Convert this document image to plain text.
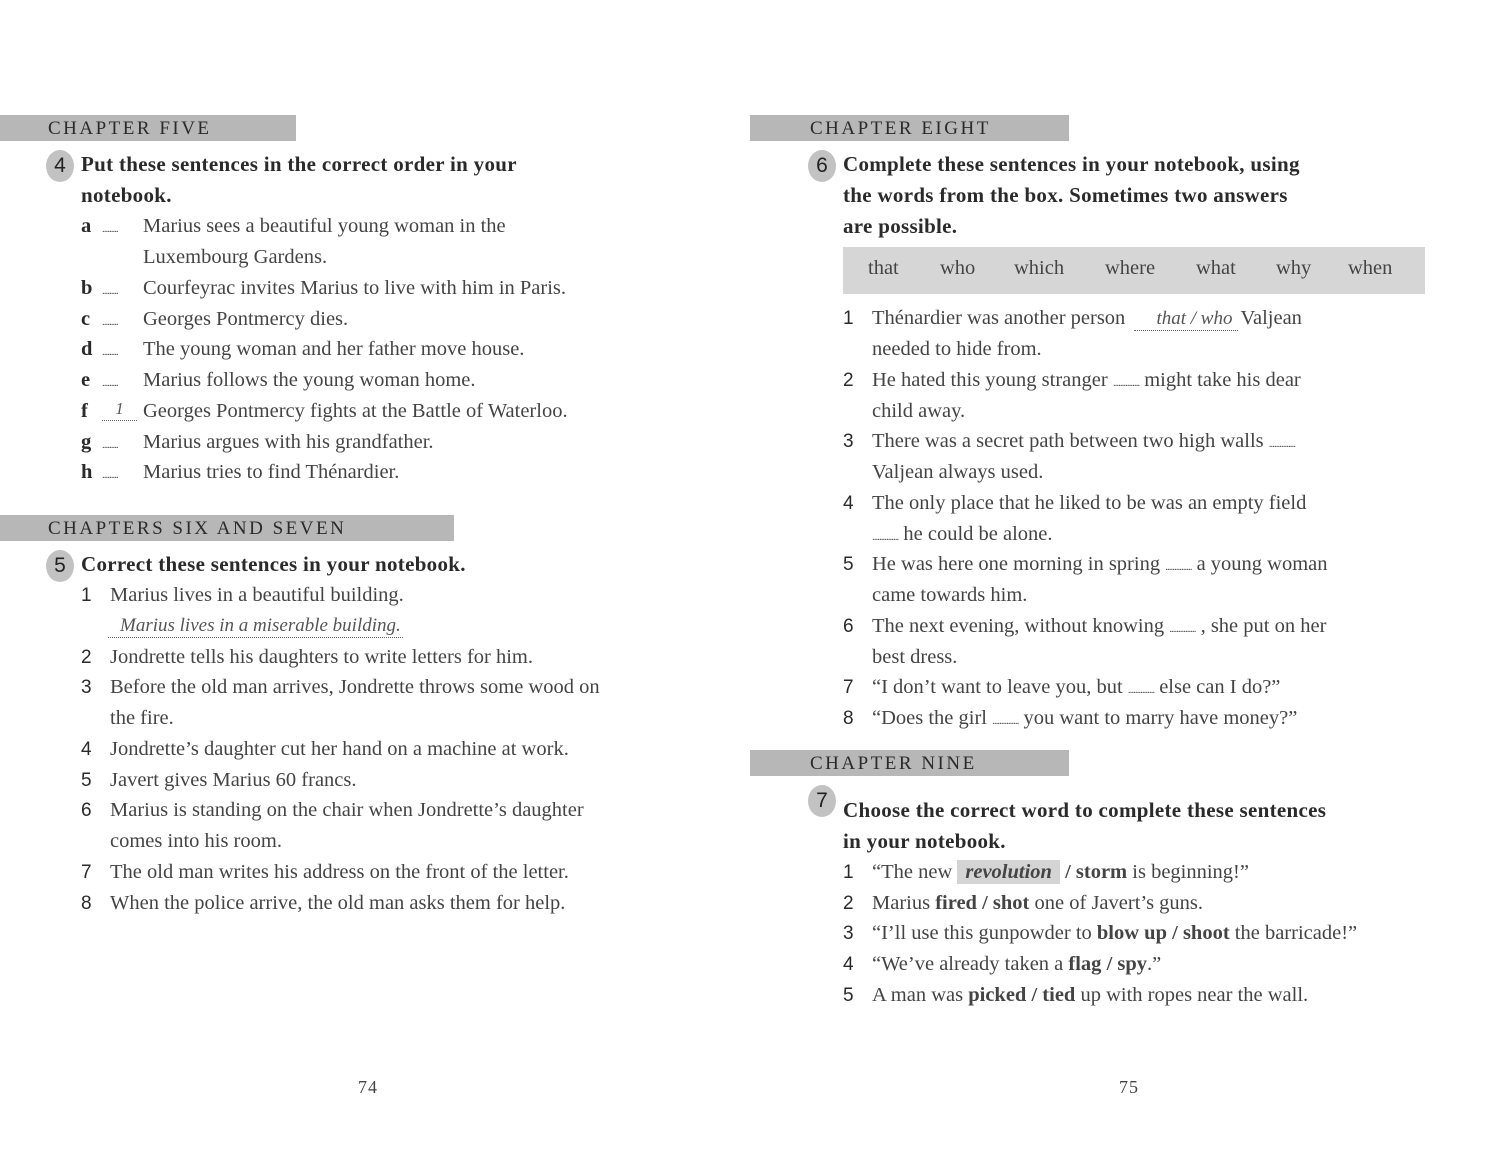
CHAPTER FIVE
4 Put these sentences in the correct order in your
notebook.
a ......... Marius sees a beautiful young woman in the
Luxembourg Gardens.
b ......... Courfeyrac invites Marius to live with him in Paris.
c ......... Georges Pontmercy dies.
d ......... The young woman and her father move house.
e ......... Marius follows the young woman home.
f	1 Georges Pontmercy fights at the Battle of Waterloo.
g ......... Marius argues with his grandfather.
h ......... Marius tries to find Thénardier.
CHAPTERS SIX AND SEVEN
5 Correct these sentences in your notebook.
1 Marius lives in a beautiful building.
Marius lives in a miserable building.
2 Jondrette tells his daughters to write letters for him.
3 Before the old man arrives, Jondrette throws some wood on
the fire.
4 Jondrette’s daughter cut her hand on a machine at work.
5 Javert gives Marius 60 francs.
6 Marius is standing on the chair when Jondrette’s daughter
comes into his room.
7 The old man writes his address on the front of the letter.
8 When the police arrive, the old man asks them for help.
74
CHAPTER EIGHT
6 Complete these sentences in your notebook, using
the words from the box. Sometimes two answers
are possible.
that who which where what why when
1 Thénardier was another person that / who Valjean
needed to hide from.
2 He hated this young stranger ............... might take his dear
child away.
3 There was a secret path between two high walls ...............
Valjean always used.
4 The only place that he liked to be was an empty field
............... he could be alone.
5 He was here one morning in spring ............... a young woman
came towards him.
6 The next evening, without knowing ............... , she put on her
best dress.
7 “I don’t want to leave you, but ............... else can I do?”
8 “Does the girl ............... you want to marry have money?”
CHAPTER NINE
7 Choose the correct word to complete these sentences
in your notebook.
1 “The new revolution / storm is beginning!”
2 Marius fired / shot one of Javert’s guns.
3 “I’ll use this gunpowder to blow up / shoot the barricade!”
4 “We’ve already taken a flag / spy.”
5 A man was picked / tied up with ropes near the wall.
75
